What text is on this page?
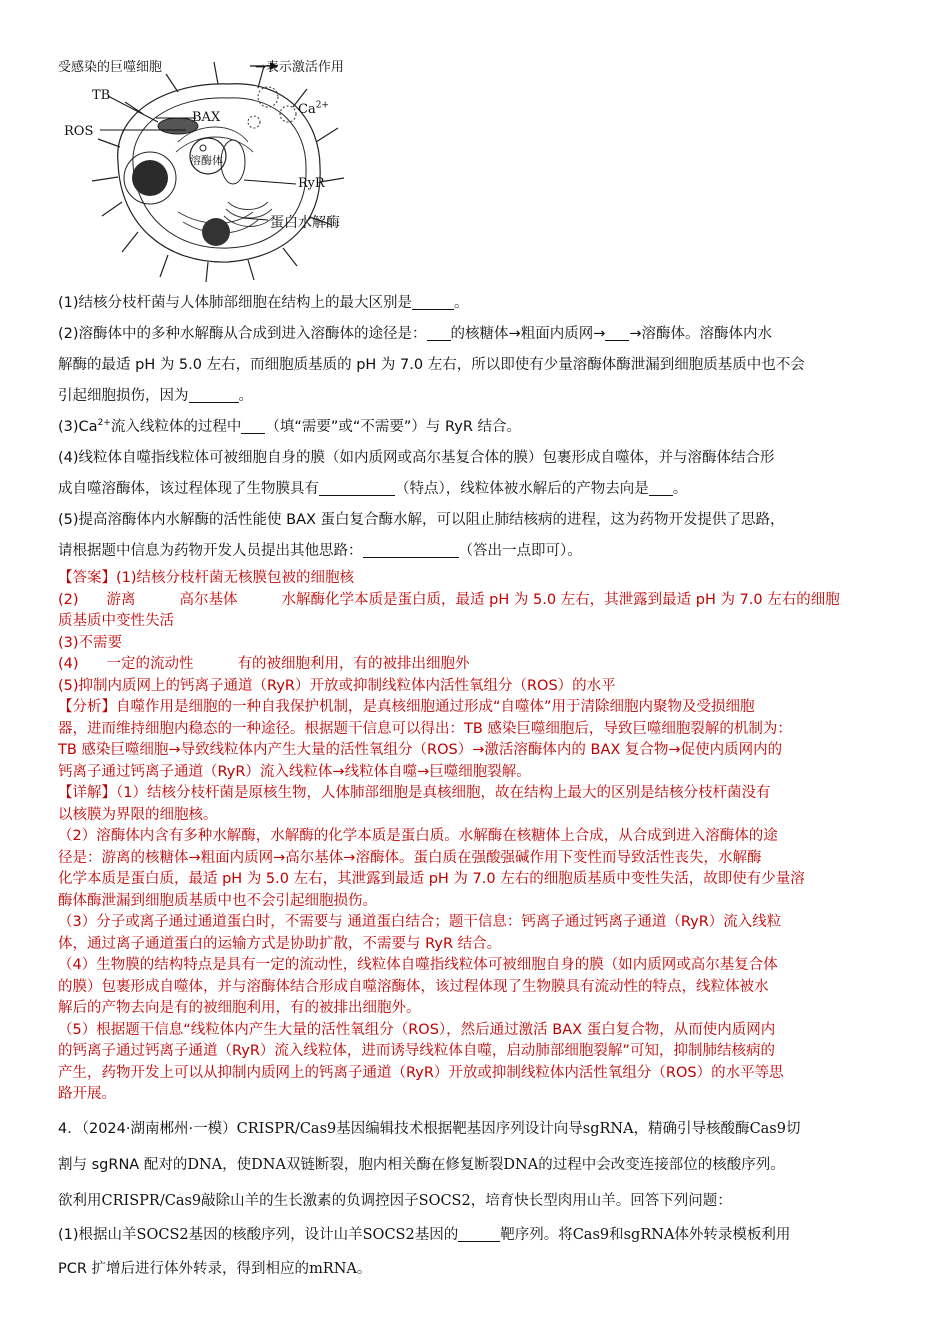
受感染的巨噬细胞	→表示激活作用
TB
ROS
BAX
$Ca^{2+}$
溶酶体
RyR
蛋白水解酶
(1)结核分枝杆菌与人体肺部细胞在结构上的最大区别是	。
(2)溶酶体中的多种水解酶从合成到进入溶酶体的途径是： 的核糖体→粗面内质网→ →溶酶体。溶酶体内水
解酶的最适 pH 为 5.0 左右，而细胞质基质的 pH 为 7.0 左右，所以即使有少量溶酶体酶泄漏到细胞质基质中也不会
引起细胞损伤，因为	。
$(3)Ca^{2+}$流入线粒体的过程中 （填“需要”或“不需要”）与 RyR 结合。
(4)线粒体自噬指线粒体可被细胞自身的膜（如内质网或高尔基复合体的膜）包裹形成自噬体，并与溶酶体结合形
成自噬溶酶体，该过程体现了生物膜具有	（特点），线粒体被水解后的产物去向是 。
(5)提高溶酶体内水解酶的活性能使 BAX 蛋白复合酶水解，可以阻止肺结核病的进程，这为药物开发提供了思路，
请根据题中信息为药物开发人员提出其他思路：	（答出一点即可）。
【答案】(1)结核分枝杆菌无核膜包被的细胞核
(2) 游离	高尔基体	水解酶化学本质是蛋白质，最适 pH 为 5.0 左右，其泄露到最适 pH 为 7.0 左右的细胞
质基质中变性失活
(3)不需要
(4) 一定的流动性	有的被细胞利用，有的被排出细胞外
(5)抑制内质网上的钙离子通道（RyR）开放或抑制线粒体内活性氧组分（ROS）的水平
【分析】自噬作用是细胞的一种自我保护机制，是真核细胞通过形成“自噬体”用于清除细胞内聚物及受损细胞
器，进而维持细胞内稳态的一种途径。根据题干信息可以得出：TB 感染巨噬细胞后，导致巨噬细胞裂解的机制为：
TB 感染巨噬细胞→导致线粒体内产生大量的活性氧组分（ROS）→激活溶酶体内的 BAX 复合物→促使内质网内的
钙离子通过钙离子通道（RyR）流入线粒体→线粒体自噬→巨噬细胞裂解。
【详解】（1）结核分枝杆菌是原核生物，人体肺部细胞是真核细胞，故在结构上最大的区别是结核分枝杆菌没有
以核膜为界限的细胞核。
（2）溶酶体内含有多种水解酶，水解酶的化学本质是蛋白质。水解酶在核糖体上合成，从合成到进入溶酶体的途
径是：游离的核糖体→粗面内质网→高尔基体→溶酶体。蛋白质在强酸强碱作用下变性而导致活性丧失，水解酶
化学本质是蛋白质，最适 pH 为 5.0 左右，其泄露到最适 pH 为 7.0 左右的细胞质基质中变性失活，故即使有少量溶
酶体酶泄漏到细胞质基质中也不会引起细胞损伤。
（3）分子或离子通过通道蛋白时，不需要与 通道蛋白结合；题干信息：钙离子通过钙离子通道（RyR）流入线粒
体，通过离子通道蛋白的运输方式是协助扩散，不需要与 RyR 结合。
（4）生物膜的结构特点是具有一定的流动性，线粒体自噬指线粒体可被细胞自身的膜（如内质网或高尔基复合体
的膜）包裹形成自噬体，并与溶酶体结合形成自噬溶酶体，该过程体现了生物膜具有流动性的特点，线粒体被水
解后的产物去向是有的被细胞利用，有的被排出细胞外。
（5）根据题干信息“线粒体内产生大量的活性氧组分（ROS），然后通过激活 BAX 蛋白复合物，从而使内质网内
的钙离子通过钙离子通道（RyR）流入线粒体，进而诱导线粒体自噬，启动肺部细胞裂解”可知，抑制肺结核病的
产生，药物开发上可以从抑制内质网上的钙离子通道（RyR）开放或抑制线粒体内活性氧组分（ROS）的水平等思
路开展。
4．（2024·湖南郴州·一模）CRISPR/Cas9基因编辑技术根据靶基因序列设计向导sgRNA，精确引导核酸酶Cas9切
割与 sgRNA 配对的DNA，使DNA双链断裂，胞内相关酶在修复断裂DNA的过程中会改变连接部位的核酸序列。
欲利用CRISPR/Cas9敲除山羊的生长激素的负调控因子SOCS2，培育快长型肉用山羊。回答下列问题：
(1)根据山羊SOCS2基因的核酸序列，设计山羊SOCS2基因的	靶序列。将Cas9和sgRNA体外转录模板利用
PCR 扩增后进行体外转录，得到相应的mRNA。
